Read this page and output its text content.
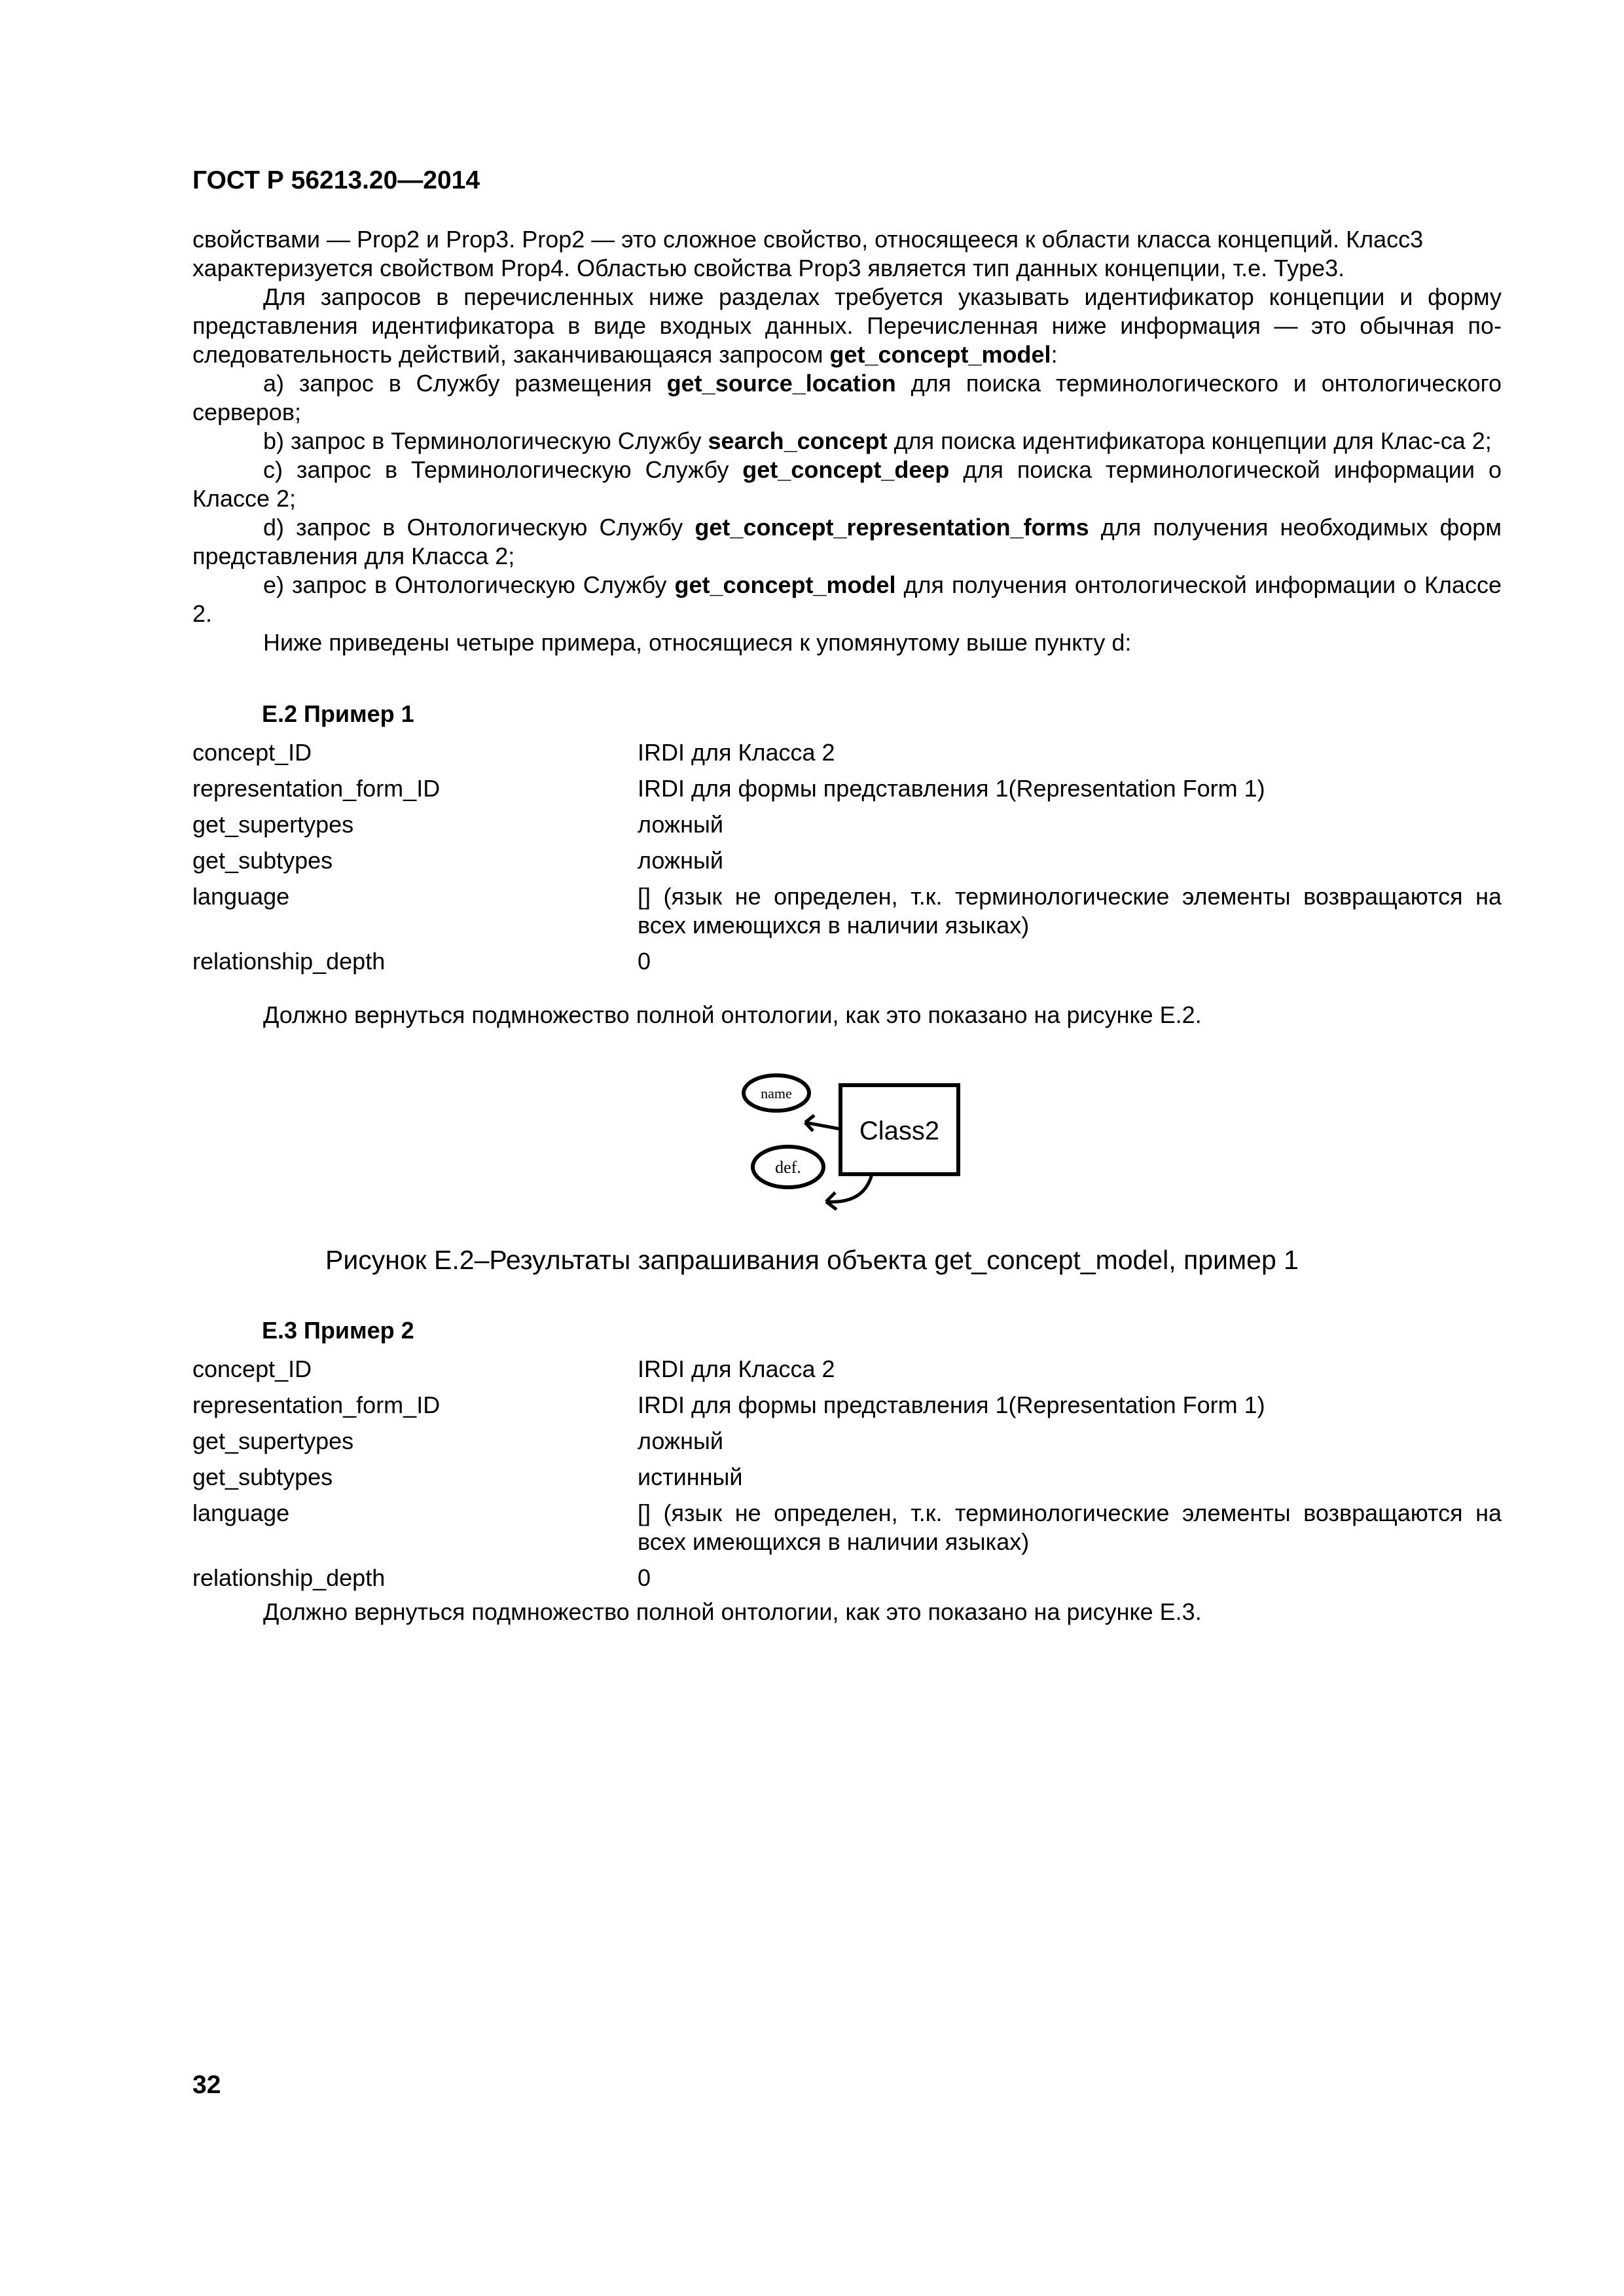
ГОСТ Р 56213.20—2014

свойствами — Prop2 и Prop3. Prop2 — это сложное свойство, относящееся к области класса концепций. Класс3

характеризуется свойством Prop4. Областью свойства Prop3 является тип данных концепции, т.е. Type3.

Для запросов в перечисленных ниже разделах требуется указывать идентификатор концепции и форму представления идентификатора в виде входных данных. Перечисленная ниже информация — это обычная по-следовательность действий, заканчивающаяся запросом get_concept_model:

a) запрос в Службу размещения get_source_location для поиска терминологического и онтологического серверов;

b) запрос в Терминологическую Службу search_concept для поиска идентификатора концепции для Клас-са 2;

c) запрос в Терминологическую Службу get_concept_deep для поиска терминологической информации о Классе 2;

d) запрос в Онтологическую Службу get_concept_representation_forms для получения необходимых форм представления для Класса 2;

e) запрос в Онтологическую Службу get_concept_model для получения онтологической информации о Классе 2.

Ниже приведены четыре примера, относящиеся к упомянутому выше пункту d:

Е.2 Пример 1
concept_ID	IRDI для Класса 2
representation_form_ID	IRDI для формы представления 1(Representation Form 1)
get_supertypes	ложный
get_subtypes	ложный
language	[] (язык не определен, т.к. терминологические элементы возвращаются на всех имеющихся в наличии языках)
relationship_depth	0
Должно вернуться подмножество полной онтологии, как это показано на рисунке Е.2.
Class2
name
def.
Рисунок Е.2–Результаты запрашивания объекта get_concept_model, пример 1
Е.3 Пример 2
concept_ID	IRDI для Класса 2
representation_form_ID	IRDI для формы представления 1(Representation Form 1)
get_supertypes	ложный
get_subtypes	истинный
language	[] (язык не определен, т.к. терминологические элементы возвращаются на всех имеющихся в наличии языках)
relationship_depth	0
Должно вернуться подмножество полной онтологии, как это показано на рисунке Е.3.
32
